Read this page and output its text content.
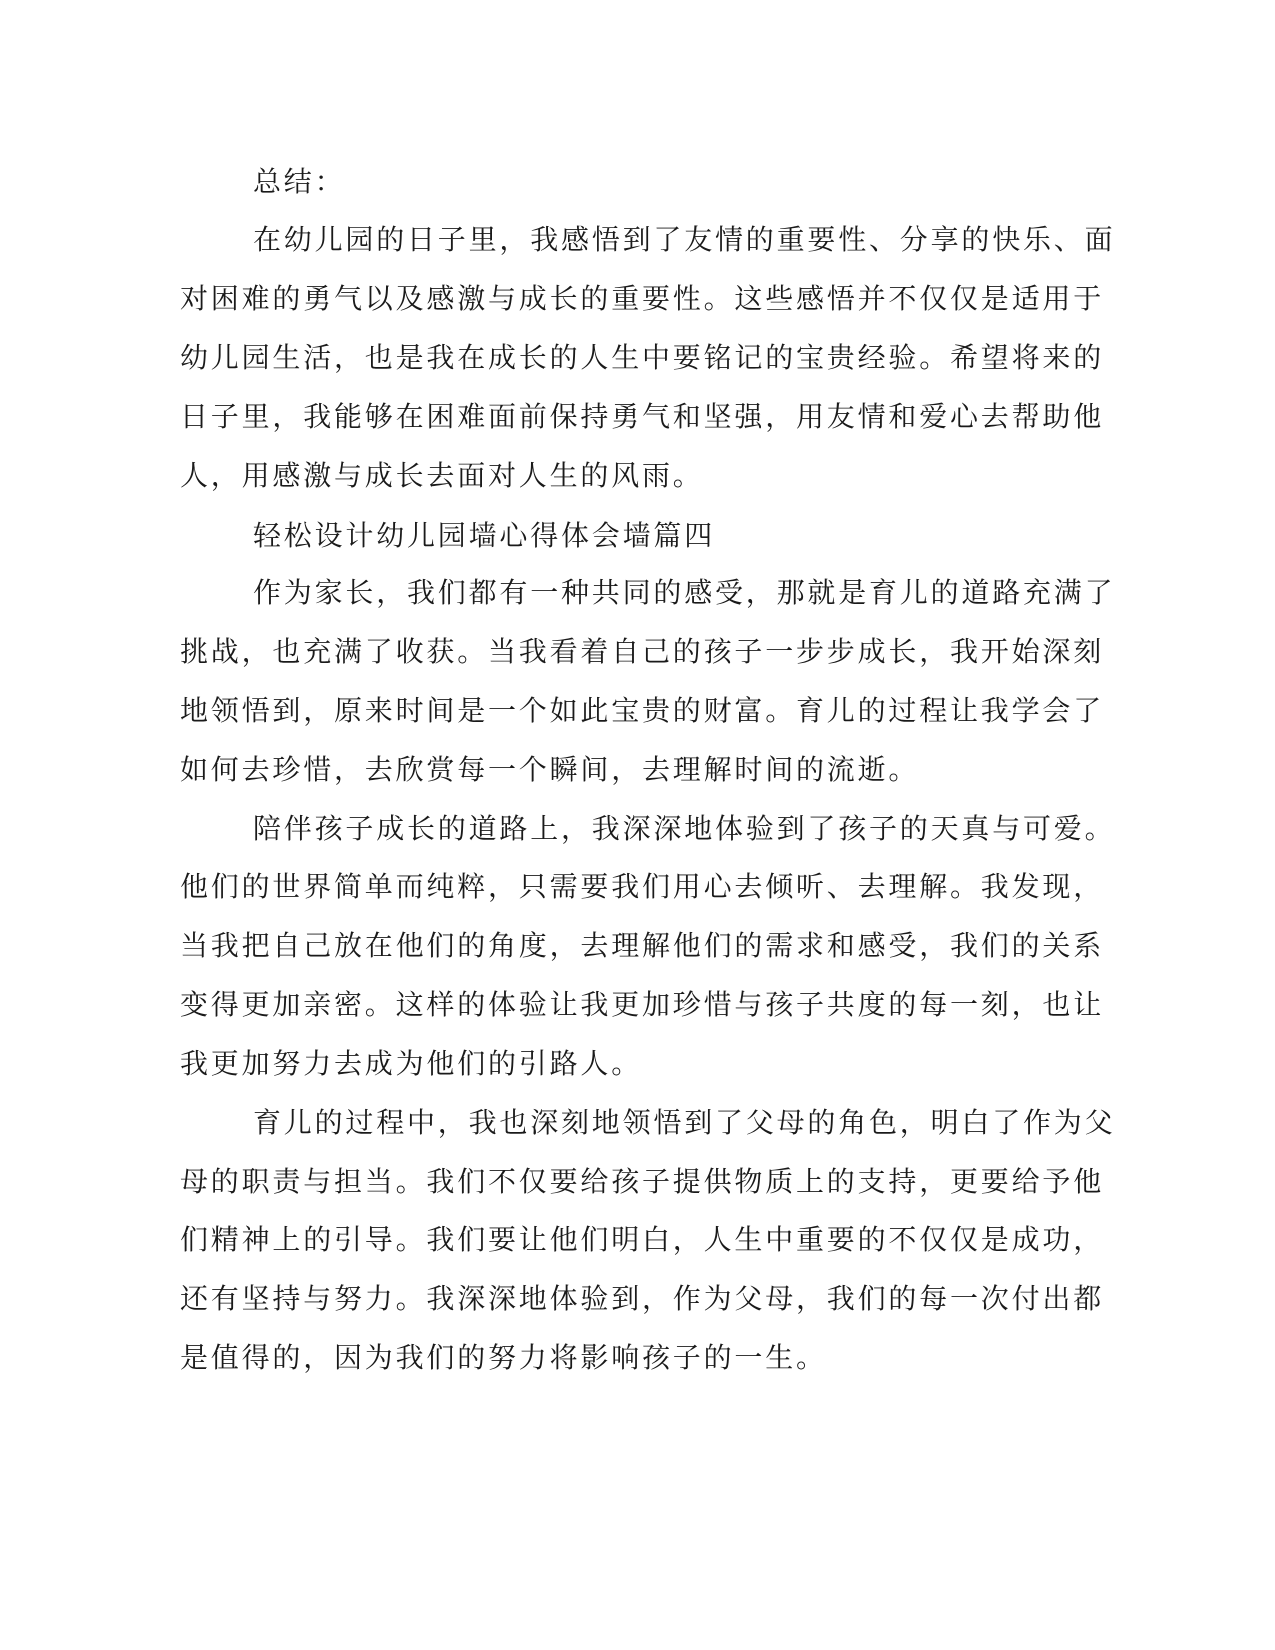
总结：

在幼儿园的日子里，我感悟到了友情的重要性、分享的快乐、面

对困难的勇气以及感激与成长的重要性。这些感悟并不仅仅是适用于

幼儿园生活，也是我在成长的人生中要铭记的宝贵经验。希望将来的

日子里，我能够在困难面前保持勇气和坚强，用友情和爱心去帮助他

人，用感激与成长去面对人生的风雨。

轻松设计幼儿园墙心得体会墙篇四

作为家长，我们都有一种共同的感受，那就是育儿的道路充满了

挑战，也充满了收获。当我看着自己的孩子一步步成长，我开始深刻

地领悟到，原来时间是一个如此宝贵的财富。育儿的过程让我学会了

如何去珍惜，去欣赏每一个瞬间，去理解时间的流逝。

陪伴孩子成长的道路上，我深深地体验到了孩子的天真与可爱。

他们的世界简单而纯粹，只需要我们用心去倾听、去理解。我发现，

当我把自己放在他们的角度，去理解他们的需求和感受，我们的关系

变得更加亲密。这样的体验让我更加珍惜与孩子共度的每一刻，也让

我更加努力去成为他们的引路人。

育儿的过程中，我也深刻地领悟到了父母的角色，明白了作为父

母的职责与担当。我们不仅要给孩子提供物质上的支持，更要给予他

们精神上的引导。我们要让他们明白，人生中重要的不仅仅是成功，

还有坚持与努力。我深深地体验到，作为父母，我们的每一次付出都

是值得的，因为我们的努力将影响孩子的一生。
